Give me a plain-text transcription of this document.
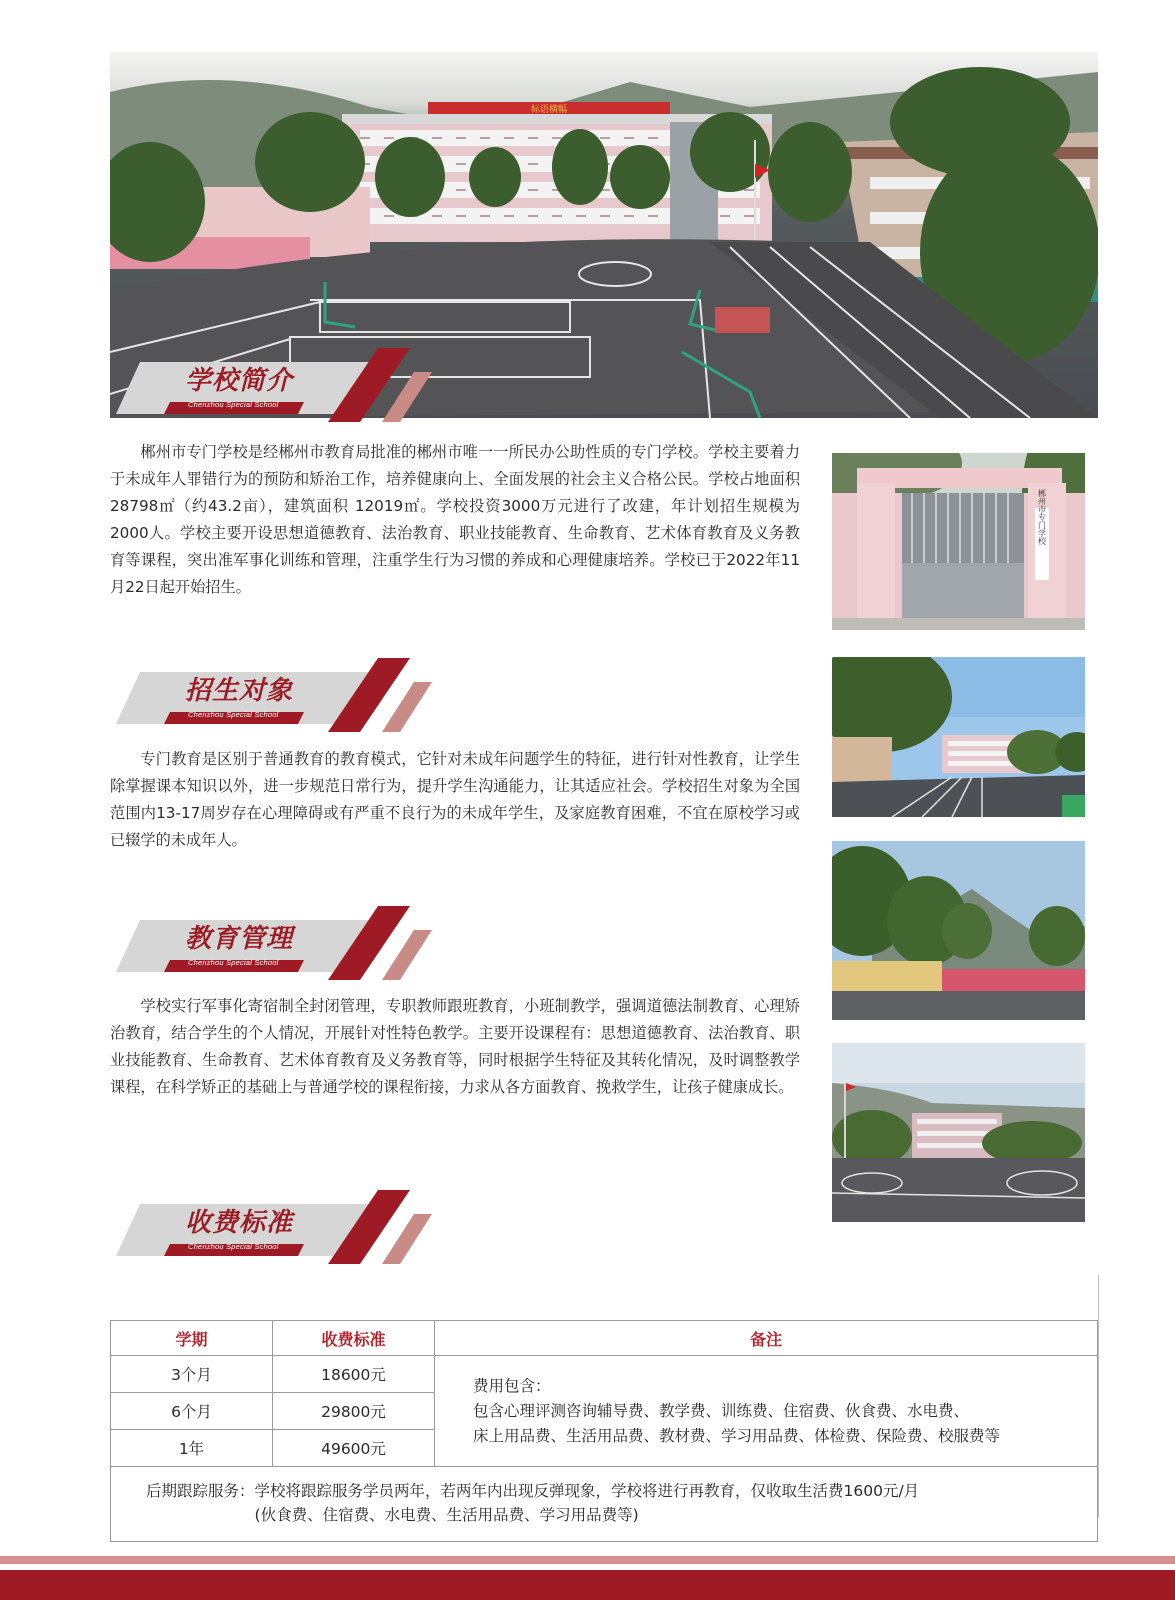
标语横幅
学校简介
Chenzhou Special School
郴州市专门学校是经郴州市教育局批准的郴州市唯一一所民办公助性质的专门学校。学校主要着力于未成年人罪错行为的预防和矫治工作，培养健康向上、全面发展的社会主义合格公民。学校占地面积28798㎡（约43.2亩），建筑面积 12019㎡。学校投资3000万元进行了改建，年计划招生规模为2000人。学校主要开设思想道德教育、法治教育、职业技能教育、生命教育、艺术体育教育及义务教育等课程，突出准军事化训练和管理，注重学生行为习惯的养成和心理健康培养。学校已于2022年11月22日起开始招生。
招生对象
Chenzhou Special School
专门教育是区别于普通教育的教育模式，它针对未成年问题学生的特征，进行针对性教育，让学生除掌握课本知识以外，进一步规范日常行为，提升学生沟通能力，让其适应社会。学校招生对象为全国范围内13-17周岁存在心理障碍或有严重不良行为的未成年学生，及家庭教育困难，不宜在原校学习或已辍学的未成年人。
教育管理
Chenzhou Special School
学校实行军事化寄宿制全封闭管理，专职教师跟班教育，小班制教学，强调道德法制教育、心理矫治教育，结合学生的个人情况，开展针对性特色教学。主要开设课程有：思想道德教育、法治教育、职业技能教育、生命教育、艺术体育教育及义务教育等，同时根据学生特征及其转化情况，及时调整教学课程，在科学矫正的基础上与普通学校的课程衔接，力求从各方面教育、挽救学生，让孩子健康成长。
收费标准
Chenzhou Special School
郴州市专门学校
学期	收费标准	备注
3个月	18600元	费用包含：
包含心理评测咨询辅导费、教学费、训练费、住宿费、伙食费、水电费、
床上用品费、生活用品费、教材费、学习用品费、体检费、保险费、校服费等

6个月	29800元	
1年	49600元	
后期跟踪服务：学校将跟踪服务学员两年，若两年内出现反弹现象，学校将进行再教育，仅收取生活费1600元/月
(伙食费、住宿费、水电费、生活用品费、学习用品费等)		
